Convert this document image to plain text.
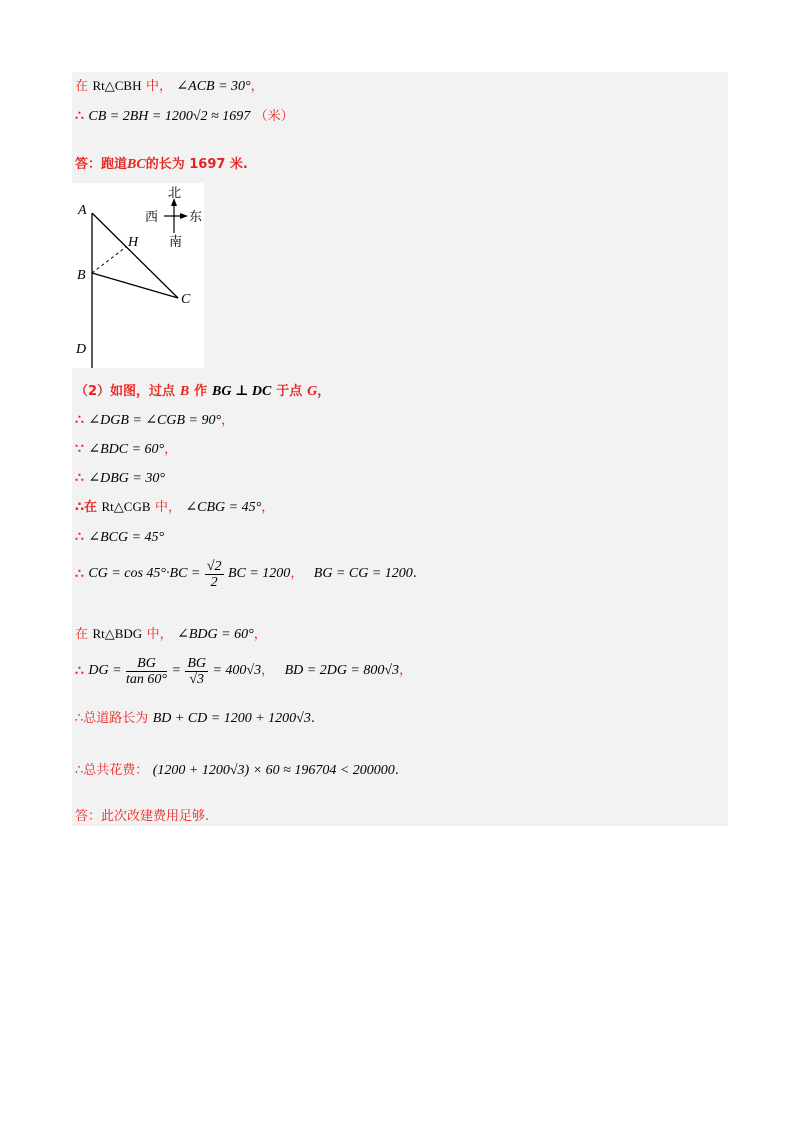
在 Rt△CBH 中， ∠ACB = 30°，
∴ CB = 2BH = 1200√2 ≈ 1697 （米）
答：跑道BC的长为 1697 米.
A
H
B
C
D
北
南
东
西
（2）如图，过点 B 作 BG ⊥ DC 于点 G，
∴ ∠DGB = ∠CGB = 90°，
∵ ∠BDC = 60°，
∴ ∠DBG = 30°
∴在 Rt△CGB 中， ∠CBG = 45°，
∴ ∠BCG = 45°
∴ CG = $\cos 45^\circ\cdot BC = \frac{√2}{2}$ BC = 1200， BG = CG = 1200.
在 Rt△BDG 中， ∠BDG = 60°，
∴ DG = $\frac{BG}{\tan 60^\circ} = \frac{BG}{√3} = 400√3$， BD = 2DG = 800√3，
∴总道路长为 BD + CD = 1200 + 1200√3.
∴总共花费： (1200 + 1200√3) × 60 ≈ 196704 < 200000.
答：此次改建费用足够.
